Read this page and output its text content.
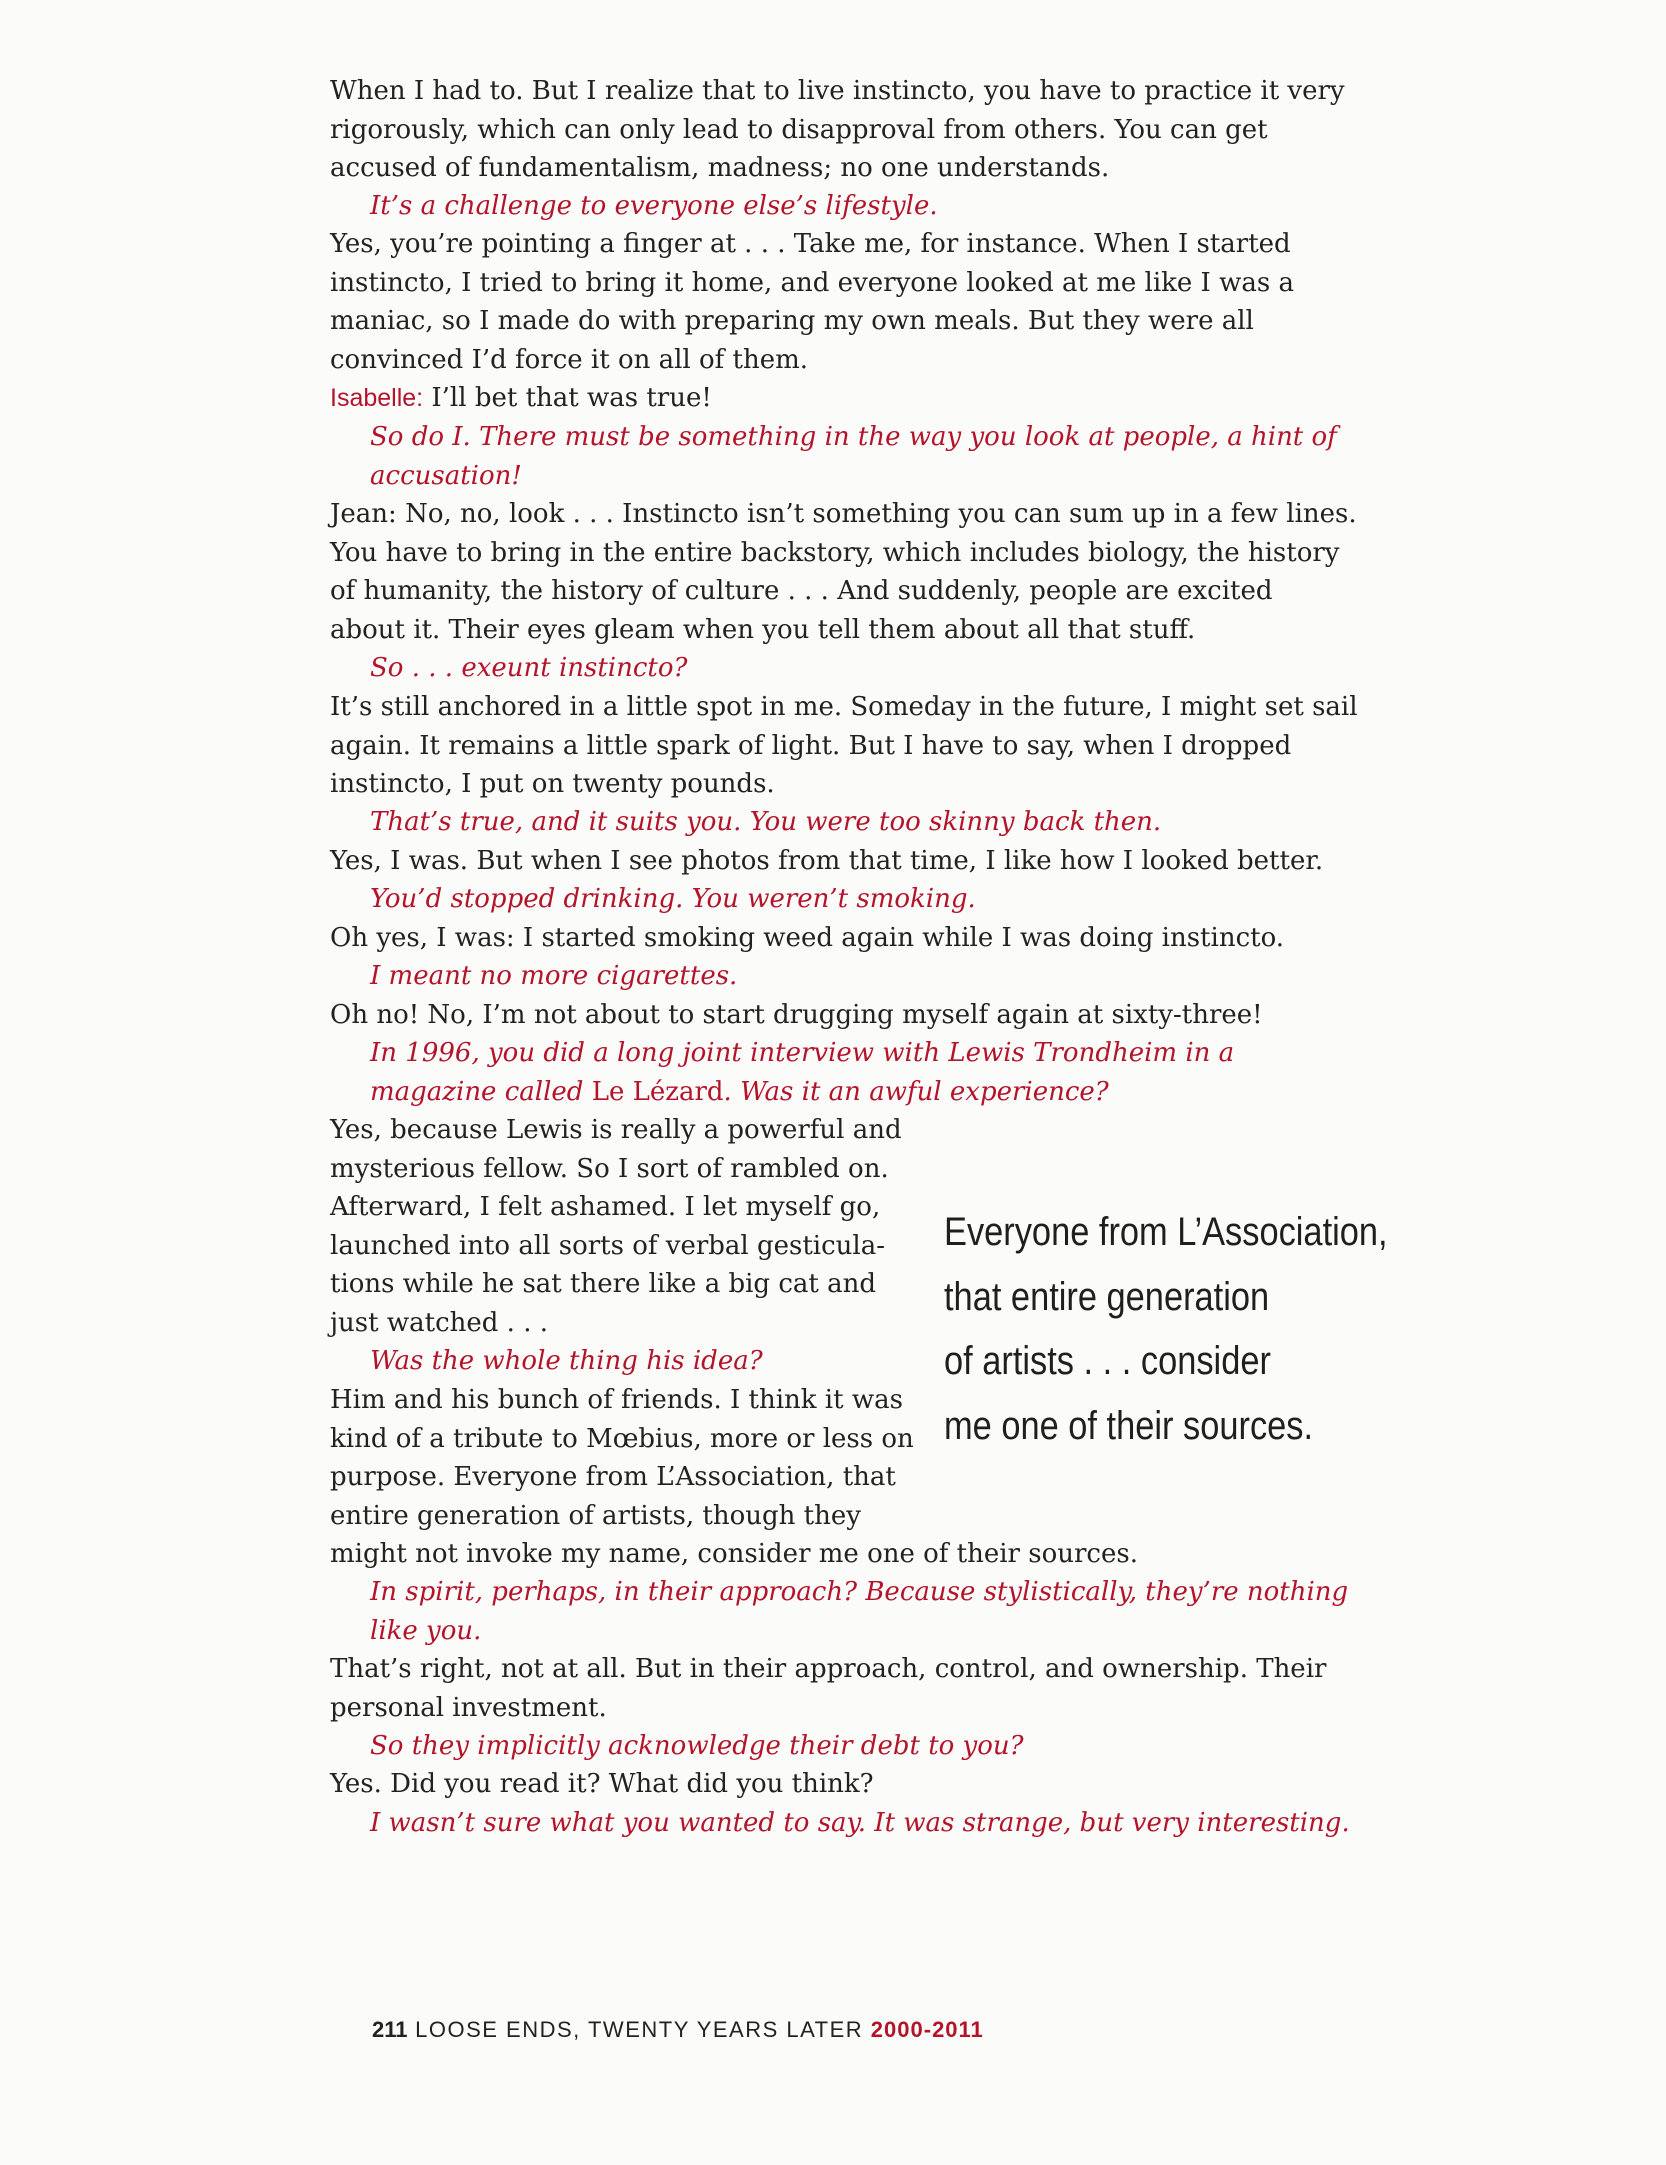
When I had to. But I realize that to live instincto, you have to practice it very
rigorously, which can only lead to disapproval from others. You can get
accused of fundamentalism, madness; no one understands.

It’s a challenge to everyone else’s lifestyle.

Yes, you’re pointing a finger at . . . Take me, for instance. When I started
instincto, I tried to bring it home, and everyone looked at me like I was a
maniac, so I made do with preparing my own meals. But they were all
convinced I’d force it on all of them.

Isabelle: I’ll bet that was true!

So do I. There must be something in the way you look at people, a hint of
accusation!

Jean: No, no, look . . . Instincto isn’t something you can sum up in a few lines.
You have to bring in the entire backstory, which includes biology, the history
of humanity, the history of culture . . . And suddenly, people are excited
about it. Their eyes gleam when you tell them about all that stuff.

So . . . exeunt instincto?

It’s still anchored in a little spot in me. Someday in the future, I might set sail
again. It remains a little spark of light. But I have to say, when I dropped
instincto, I put on twenty pounds.

That’s true, and it suits you. You were too skinny back then.

Yes, I was. But when I see photos from that time, I like how I looked better.

You’d stopped drinking. You weren’t smoking.

Oh yes, I was: I started smoking weed again while I was doing instincto.

I meant no more cigarettes.

Oh no! No, I’m not about to start drugging myself again at sixty-three!

In 1996, you did a long joint interview with Lewis Trondheim in a
magazine called Le Lézard. Was it an awful experience?

Yes, because Lewis is really a powerful and
mysterious fellow. So I sort of rambled on.
Afterward, I felt ashamed. I let myself go,
launched into all sorts of verbal gesticula-
tions while he sat there like a big cat and
just watched . . .

Was the whole thing his idea?

Him and his bunch of friends. I think it was
kind of a tribute to Mœbius, more or less on
purpose. Everyone from L’Association, that
entire generation of artists, though they

might not invoke my name, consider me one of their sources.

Everyone from L’Association,
that entire generation
of artists . . . consider
me one of their sources.

In spirit, perhaps, in their approach? Because stylistically, they’re nothing
like you.

That’s right, not at all. But in their approach, control, and ownership. Their
personal investment.

So they implicitly acknowledge their debt to you?

Yes. Did you read it? What did you think?

I wasn’t sure what you wanted to say. It was strange, but very interesting.

211 LOOSE ENDS, TWENTY YEARS LATER 2000-2011
